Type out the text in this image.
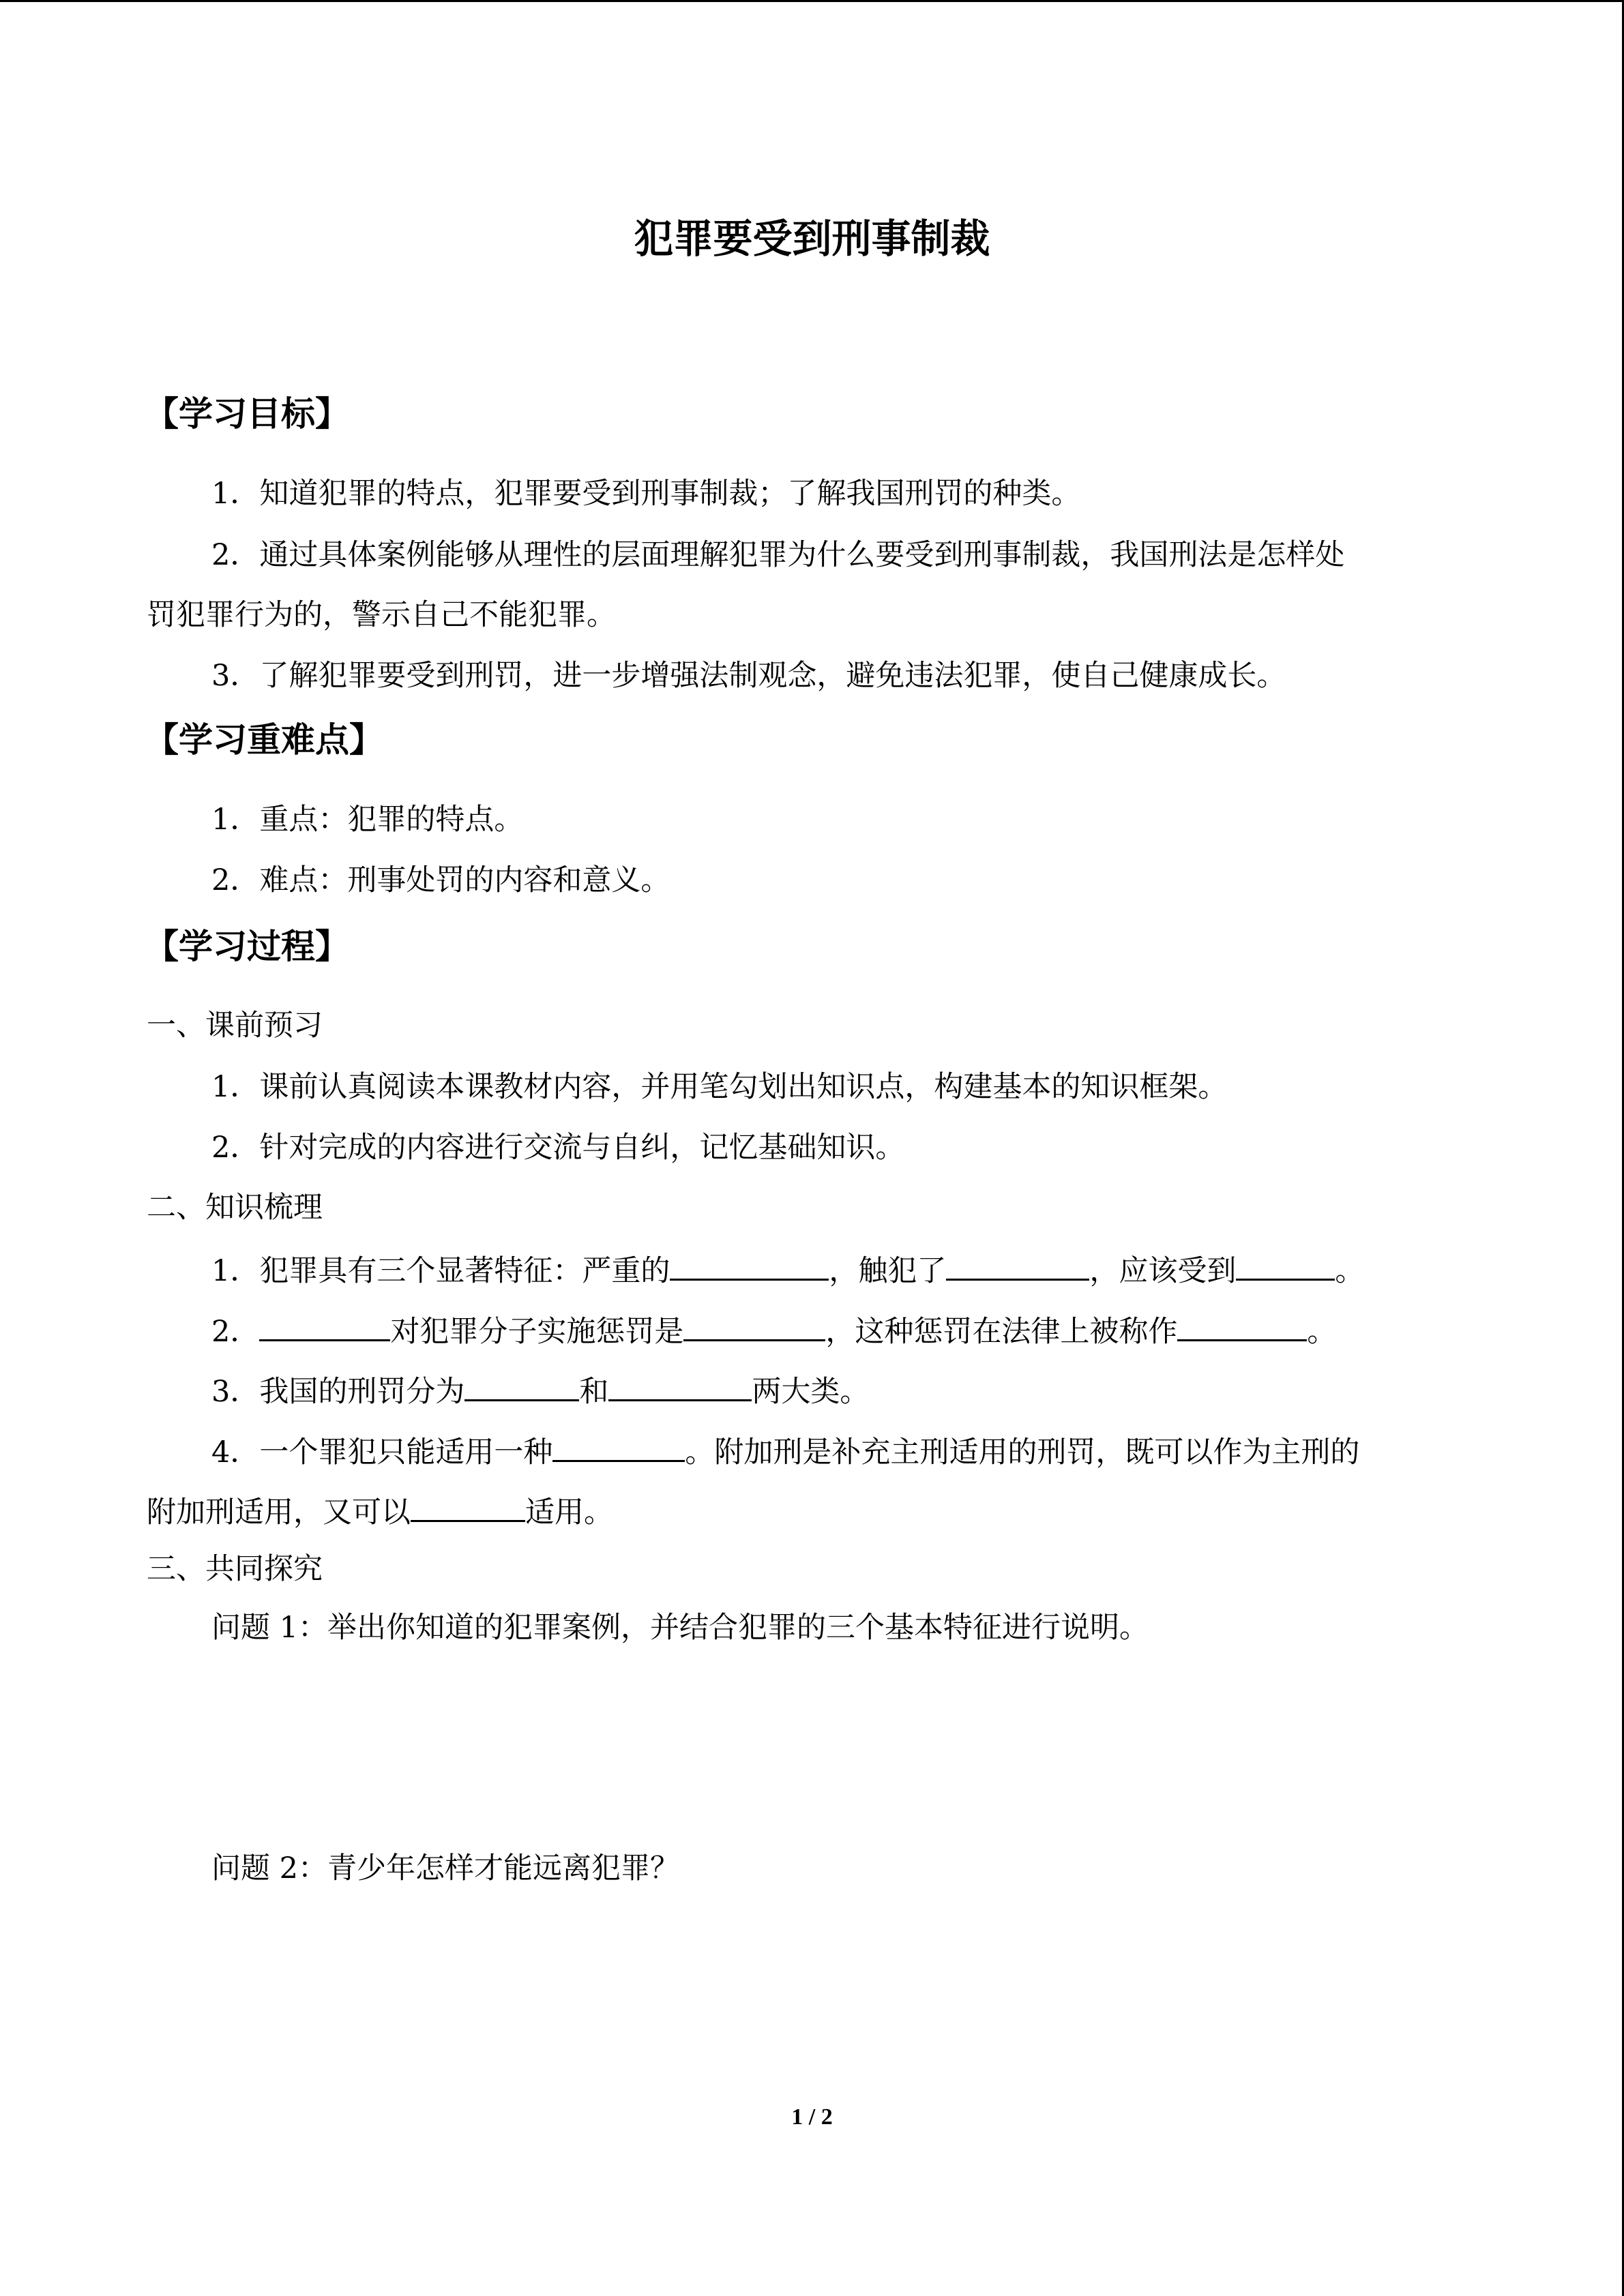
犯罪要受到刑事制裁
【学习目标】

1．知道犯罪的特点，犯罪要受到刑事制裁；了解我国刑罚的种类。

2．通过具体案例能够从理性的层面理解犯罪为什么要受到刑事制裁，我国刑法是怎样处

罚犯罪行为的，警示自己不能犯罪。

3．了解犯罪要受到刑罚，进一步增强法制观念，避免违法犯罪，使自己健康成长。

【学习重难点】

1．重点：犯罪的特点。

2．难点：刑事处罚的内容和意义。

【学习过程】

一、课前预习

1．课前认真阅读本课教材内容，并用笔勾划出知识点，构建基本的知识框架。

2．针对完成的内容进行交流与自纠，记忆基础知识。

二、知识梳理

1．犯罪具有三个显著特征：严重的	，触犯了	，应该受到	。

2．	对犯罪分子实施惩罚是	，这种惩罚在法律上被称作	。

3．我国的刑罚分为	和	两大类。

4．一个罪犯只能适用一种	。附加刑是补充主刑适用的刑罚，既可以作为主刑的

附加刑适用，又可以	适用。

三、共同探究

问题 1：举出你知道的犯罪案例，并结合犯罪的三个基本特征进行说明。

问题 2：青少年怎样才能远离犯罪？

1 / 2
